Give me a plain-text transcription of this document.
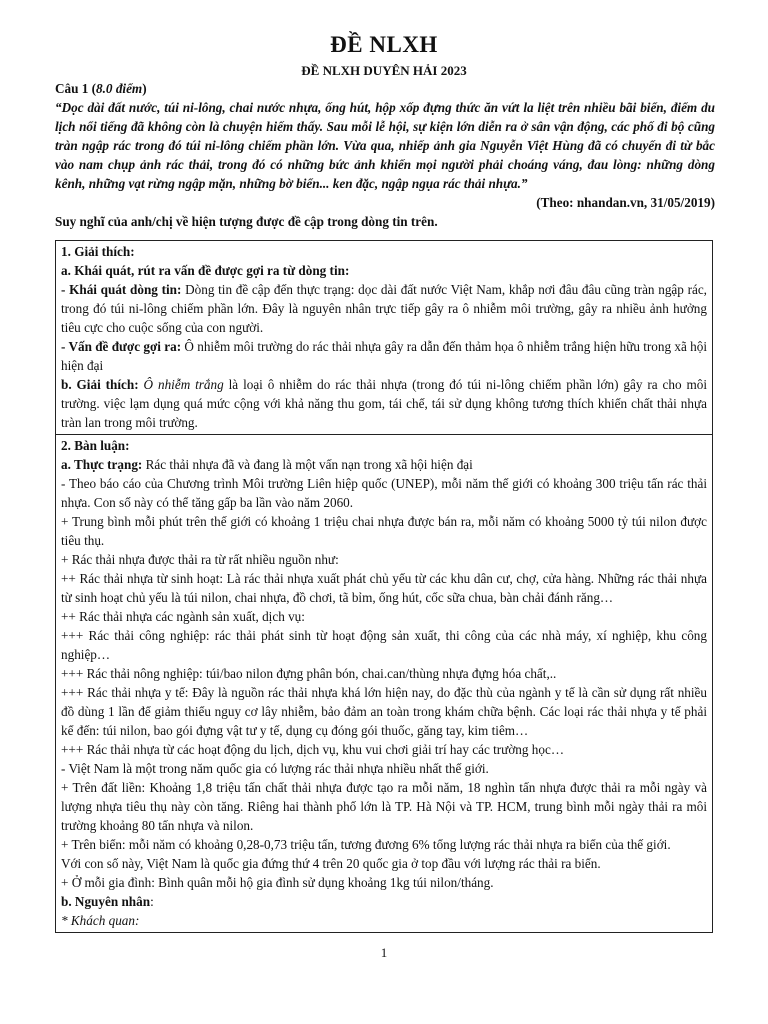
ĐỀ NLXH
ĐỀ NLXH DUYÊN HẢI 2023

Câu 1 (8.0 điểm)

“Dọc dài đất nước, túi ni-lông, chai nước nhựa, ống hút, hộp xốp đựng thức ăn vứt la liệt trên nhiều bãi biển, điểm du lịch nổi tiếng đã không còn là chuyện hiếm thấy. Sau mỗi lễ hội, sự kiện lớn diễn ra ở sân vận động, các phố đi bộ cũng tràn ngập rác trong đó túi ni-lông chiếm phần lớn. Vừa qua, nhiếp ảnh gia Nguyễn Việt Hùng đã có chuyến đi từ bắc vào nam chụp ảnh rác thải, trong đó có những bức ảnh khiến mọi người phải choáng váng, đau lòng: những dòng kênh, những vạt rừng ngập mặn, những bờ biển... ken đặc, ngập ngụa rác thải nhựa.”

(Theo: nhandan.vn, 31/05/2019)

Suy nghĩ của anh/chị về hiện tượng được đề cập trong dòng tin trên.

1. Giải thích:

a. Khái quát, rút ra vấn đề được gợi ra từ dòng tin:

- Khái quát dòng tin: Dòng tin đề cập đến thực trạng: dọc dài đất nước Việt Nam, khắp nơi đâu đâu cũng tràn ngập rác, trong đó túi ni-lông chiếm phần lớn. Đây là nguyên nhân trực tiếp gây ra ô nhiễm môi trường, gây ra nhiều ảnh hưởng tiêu cực cho cuộc sống của con người.

- Vấn đề được gợi ra: Ô nhiễm môi trường do rác thải nhựa gây ra dẫn đến thảm họa ô nhiễm trắng hiện hữu trong xã hội hiện đại

b. Giải thích: Ô nhiễm trắng là loại ô nhiễm do rác thải nhựa (trong đó túi ni-lông chiếm phần lớn) gây ra cho môi trường. việc lạm dụng quá mức cộng với khả năng thu gom, tái chế, tái sử dụng không tương thích khiến chất thải nhựa tràn lan trong môi trường.

2. Bàn luận:

a. Thực trạng: Rác thải nhựa đã và đang là một vấn nạn trong xã hội hiện đại

- Theo báo cáo của Chương trình Môi trường Liên hiệp quốc (UNEP), mỗi năm thế giới có khoảng 300 triệu tấn rác thải nhựa. Con số này có thể tăng gấp ba lần vào năm 2060.

+ Trung bình mỗi phút trên thế giới có khoảng 1 triệu chai nhựa được bán ra, mỗi năm có khoảng 5000 tỷ túi nilon được tiêu thụ.

+ Rác thải nhựa được thải ra từ rất nhiều nguồn như:

++ Rác thải nhựa từ sinh hoạt: Là rác thải nhựa xuất phát chủ yếu từ các khu dân cư, chợ, cửa hàng. Những rác thải nhựa từ sinh hoạt chủ yếu là túi nilon, chai nhựa, đồ chơi, tã bỉm, ống hút, cốc sữa chua, bàn chải đánh răng…

++ Rác thải nhựa các ngành sản xuất, dịch vụ:

+++ Rác thải công nghiệp: rác thải phát sinh từ hoạt động sản xuất, thi công của các nhà máy, xí nghiệp, khu công nghiệp…

+++ Rác thải nông nghiệp: túi/bao nilon đựng phân bón, chai.can/thùng nhựa đựng hóa chất,..

+++ Rác thải nhựa y tế: Đây là nguồn rác thải nhựa khá lớn hiện nay, do đặc thù của ngành y tế là cần sử dụng rất nhiều đồ dùng 1 lần để giảm thiểu nguy cơ lây nhiễm, bảo đảm an toàn trong khám chữa bệnh. Các loại rác thải nhựa y tế phải kể đến: túi nilon, bao gói đựng vật tư y tế, dụng cụ đóng gói thuốc, găng tay, kim tiêm…

+++ Rác thải nhựa từ các hoạt động du lịch, dịch vụ, khu vui chơi giải trí hay các trường học…

- Việt Nam là một trong năm quốc gia có lượng rác thải nhựa nhiều nhất thế giới.

+ Trên đất liền: Khoảng 1,8 triệu tấn chất thải nhựa được tạo ra mỗi năm, 18 nghìn tấn nhựa được thải ra mỗi ngày và lượng nhựa tiêu thụ này còn tăng. Riêng hai thành phố lớn là TP. Hà Nội và TP. HCM, trung bình mỗi ngày thải ra môi trường khoảng 80 tấn nhựa và nilon.

+ Trên biển: mỗi năm có khoảng 0,28-0,73 triệu tấn, tương đương 6% tổng lượng rác thải nhựa ra biển của thế giới.

Với con số này, Việt Nam là quốc gia đứng thứ 4 trên 20 quốc gia ở top đầu với lượng rác thải ra biển.

+ Ở mỗi gia đình: Bình quân mỗi hộ gia đình sử dụng khoảng 1kg túi nilon/tháng.

b. Nguyên nhân:

* Khách quan:

1
